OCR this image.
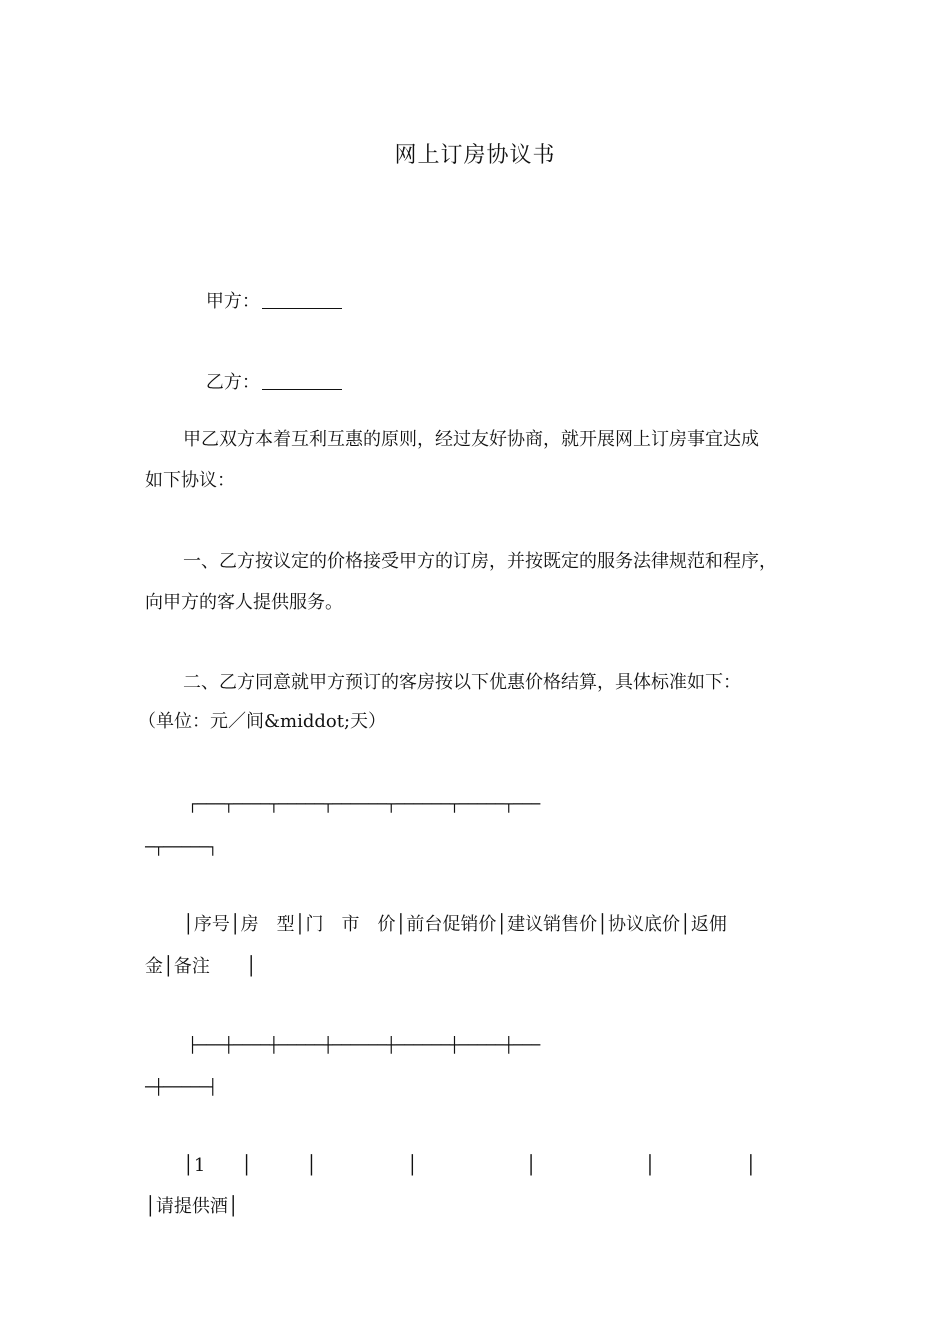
网上订房协议书

甲方：

乙方：

甲乙双方本着互利互惠的原则，经过友好协商，就开展网上订房事宜达成
如下协议：
一、乙方按议定的价格接受甲方的订房，并按既定的服务法律规范和程序，
向甲方的客人提供服务。
二、乙方同意就甲方预订的客房按以下优惠价格结算，具体标准如下：
（单位：元／间&middot;天）
┌───┬────┬─────┬──────┬──────┬─────┬───
─┬─────┐
│序号│房　型│门　市　价│前台促销价│建议销售价│协议底价│返佣
金│备注　　│
├───┼────┼─────┼──────┼──────┼─────┼───
─┼─────┤
│1　　│　　　│　　　　　│　　　　　　│　　　　　　│　　　　　│
│请提供酒│
